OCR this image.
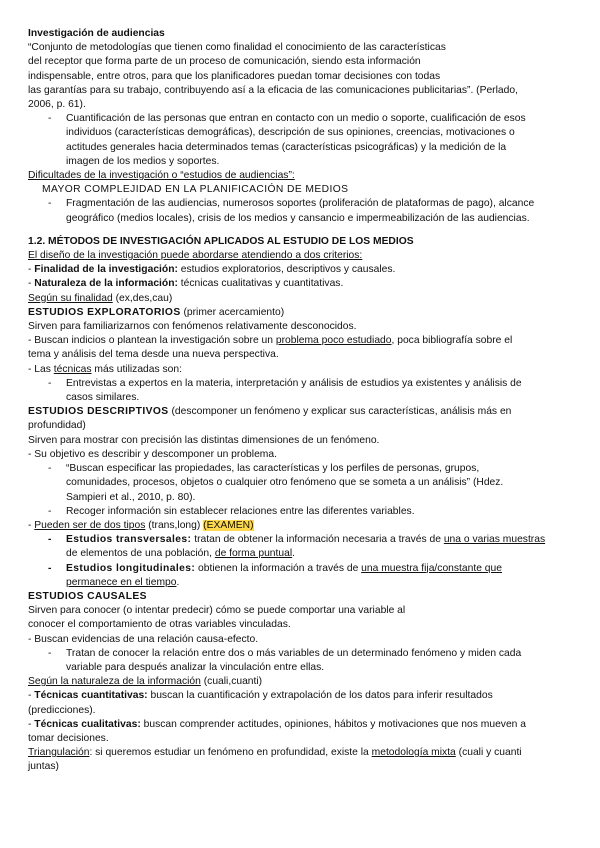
Investigación de audiencias
“Conjunto de metodologías que tienen como finalidad el conocimiento de las características
del receptor que forma parte de un proceso de comunicación, siendo esta información
indispensable, entre otros, para que los planificadores puedan tomar decisiones con todas
las garantías para su trabajo, contribuyendo así a la eficacia de las comunicaciones publicitarias”. (Perlado,
2006, p. 61).
-	Cuantificación de las personas que entran en contacto con un medio o soporte, cualificación de esos
individuos (características demográficas), descripción de sus opiniones, creencias, motivaciones o
actitudes generales hacia determinados temas (características psicográficas) y la medición de la
imagen de los medios y soportes.
Dificultades de la investigación o “estudios de audiencias”:
MAYOR COMPLEJIDAD EN LA PLANIFICACIÓN DE MEDIOS
-	Fragmentación de las audiencias, numerosos soportes (proliferación de plataformas de pago), alcance
geográfico (medios locales), crisis de los medios y cansancio e impermeabilización de las audiencias.
1.2. MÉTODOS DE INVESTIGACIÓN APLICADOS AL ESTUDIO DE LOS MEDIOS
El diseño de la investigación puede abordarse atendiendo a dos criterios:
- Finalidad de la investigación: estudios exploratorios, descriptivos y causales.
- Naturaleza de la información: técnicas cualitativas y cuantitativas.
Según su finalidad (ex,des,cau)
ESTUDIOS EXPLORATORIOS (primer acercamiento)
Sirven para familiarizarnos con fenómenos relativamente desconocidos.
- Buscan indicios o plantean la investigación sobre un problema poco estudiado, poca bibliografía sobre el
tema y análisis del tema desde una nueva perspectiva.
- Las técnicas más utilizadas son:
-	Entrevistas a expertos en la materia, interpretación y análisis de estudios ya existentes y análisis de
casos similares.
ESTUDIOS DESCRIPTIVOS (descomponer un fenómeno y explicar sus características, análisis más en
profundidad)
Sirven para mostrar con precisión las distintas dimensiones de un fenómeno.
- Su objetivo es describir y descomponer un problema.
-	“Buscan especificar las propiedades, las características y los perfiles de personas, grupos,
comunidades, procesos, objetos o cualquier otro fenómeno que se someta a un análisis” (Hdez.
Sampieri et al., 2010, p. 80).
-	Recoger información sin establecer relaciones entre las diferentes variables.
- Pueden ser de dos tipos (trans,long) (EXAMEN)
-	Estudios transversales: tratan de obtener la información necesaria a través de una o varias muestras
de elementos de una población, de forma puntual.
-	Estudios longitudinales: obtienen la información a través de una muestra fija/constante que
permanece en el tiempo.
ESTUDIOS CAUSALES
Sirven para conocer (o intentar predecir) cómo se puede comportar una variable al
conocer el comportamiento de otras variables vinculadas.
- Buscan evidencias de una relación causa-efecto.
-	Tratan de conocer la relación entre dos o más variables de un determinado fenómeno y miden cada
variable para después analizar la vinculación entre ellas.
Según la naturaleza de la información (cuali,cuanti)
- Técnicas cuantitativas: buscan la cuantificación y extrapolación de los datos para inferir resultados
(predicciones).
- Técnicas cualitativas: buscan comprender actitudes, opiniones, hábitos y motivaciones que nos mueven a
tomar decisiones.
Triangulación: si queremos estudiar un fenómeno en profundidad, existe la metodología mixta (cuali y cuanti
juntas)
